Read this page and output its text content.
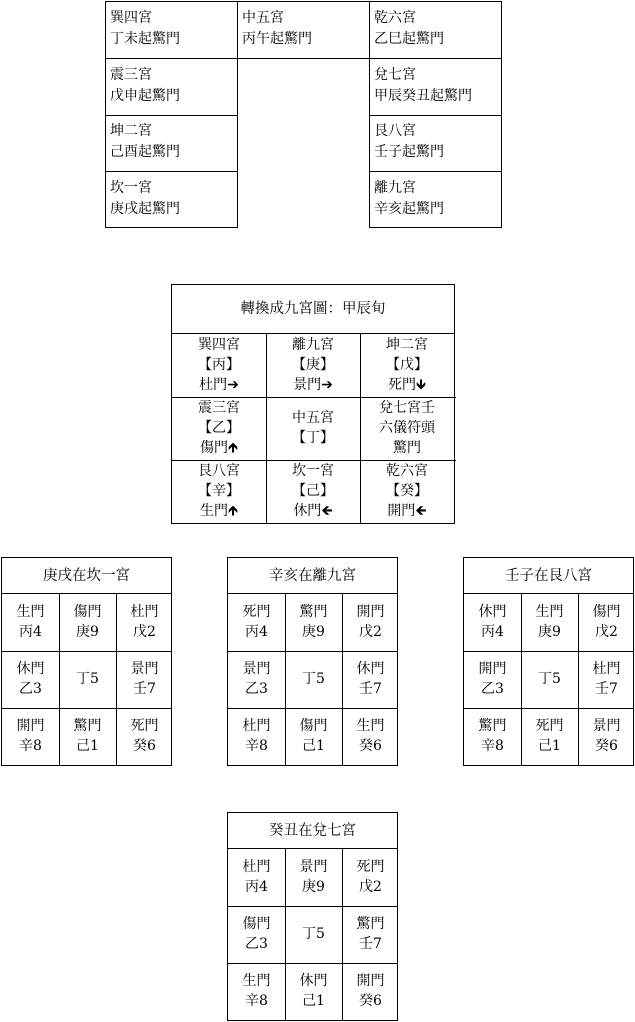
巽四宮
丁未起驚門
中五宮
丙午起驚門
乾六宮
乙巳起驚門
震三宮
戊申起驚門
坤二宮
己酉起驚門
坎一宮
庚戌起驚門
兌七宮
甲辰癸丑起驚門
艮八宮
壬子起驚門
離九宮
辛亥起驚門
轉換成九宮圖：甲辰旬
巽四宮
【丙】
杜門➔
離九宮
【庚】
景門➔
坤二宮
【戊】
死門🡻
震三宮
【乙】
傷門🡹
中五宮
【丁】
兌七宮壬
六儀符頭
驚門
艮八宮
【辛】
生門🡹
坎一宮
【己】
休門🡸
乾六宮
【癸】
開門🡸
庚戌在坎一宮
生門
丙4
傷門
庚9
杜門
戊2
休門
乙3
丁5
景門
壬7
開門
辛8
驚門
己1
死門
癸6
辛亥在離九宮
死門
丙4
驚門
庚9
開門
戊2
景門
乙3
丁5
休門
壬7
杜門
辛8
傷門
己1
生門
癸6
壬子在艮八宮
休門
丙4
生門
庚9
傷門
戊2
開門
乙3
丁5
杜門
壬7
驚門
辛8
死門
己1
景門
癸6
癸丑在兌七宮
杜門
丙4
景門
庚9
死門
戊2
傷門
乙3
丁5
驚門
壬7
生門
辛8
休門
己1
開門
癸6
